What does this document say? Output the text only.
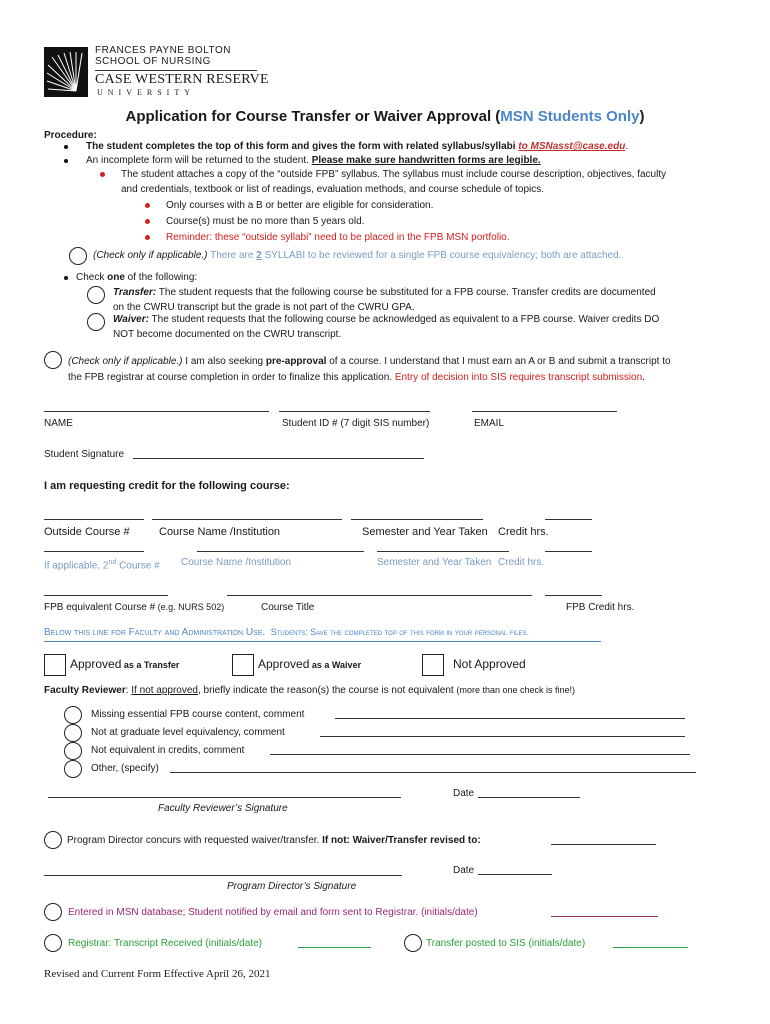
FRANCES PAYNE BOLTON
SCHOOL OF NURSING
CASE WESTERN RESERVE
UNIVERSITY
Application for Course Transfer or Waiver Approval (MSN Students Only)
Procedure:
The student completes the top of this form and gives the form with related syllabus/syllabi to MSNasst@case.edu.
An incomplete form will be returned to the student. Please make sure handwritten forms are legible.
The student attaches a copy of the “outside FPB” syllabus. The syllabus must include course description, objectives, faculty
and credentials, textbook or list of readings, evaluation methods, and course schedule of topics.
Only courses with a B or better are eligible for consideration.
Course(s) must be no more than 5 years old.
Reminder: these “outside syllabi” need to be placed in the FPB MSN portfolio.
(Check only if applicable.) There are 2 SYLLABI to be reviewed for a single FPB course equivalency; both are attached.
Check one of the following:
Transfer: The student requests that the following course be substituted for a FPB course. Transfer credits are documented
on the CWRU transcript but the grade is not part of the CWRU GPA.
Waiver: The student requests that the following course be acknowledged as equivalent to a FPB course. Waiver credits DO
NOT become documented on the CWRU transcript.
(Check only if applicable.) I am also seeking pre-approval of a course. I understand that I must earn an A or B and submit a transcript to
the FPB registrar at course completion in order to finalize this application. Entry of decision into SIS requires transcript submission.
NAME	Student ID # (7 digit SIS number)	EMAIL
Student Signature
I am requesting credit for the following course:
Outside Course #	Course Name /Institution	Semester and Year Taken Credit hrs.
If applicable, 2nd Course # Course Name /Institution	Semester and Year Taken Credit hrs.
FPB equivalent Course # (e.g. NURS 502)	Course Title	FPB Credit hrs.
Below this line for Faculty and Administration Use. Students: Save the completed top of this form in your personal files.
Approved as a Transfer	Approved as a Waiver	Not Approved
Faculty Reviewer: If not approved, briefly indicate the reason(s) the course is not equivalent (more than one check is fine!)
Missing essential FPB course content, comment
Not at graduate level equivalency, comment
Not equivalent in credits, comment
Other, (specify)
Date
Faculty Reviewer’s Signature
Program Director concurs with requested waiver/transfer. If not: Waiver/Transfer revised to:
Date
Program Director’s Signature
Entered in MSN database; Student notified by email and form sent to Registrar. (initials/date)
Registrar: Transcript Received (initials/date)	Transfer posted to SIS (initials/date)
Revised and Current Form Effective April 26, 2021
